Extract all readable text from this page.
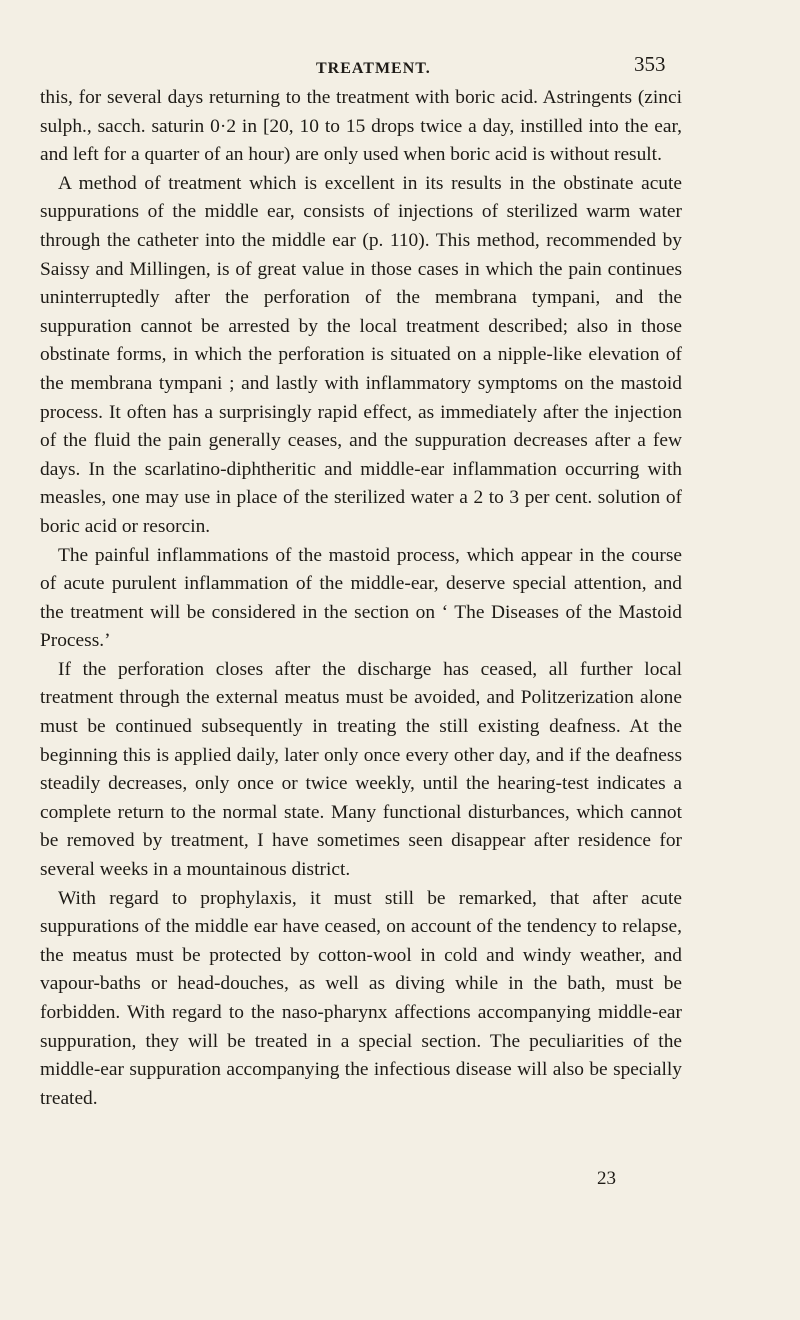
TREATMENT.	353

this, for several days returning to the treatment with boric acid. Astringents (zinci sulph., sacch. saturin 0·2 in [20, 10 to 15 drops twice a day, instilled into the ear, and left for a quarter of an hour) are only used when boric acid is without result.

A method of treatment which is excellent in its results in the obstinate acute suppurations of the middle ear, consists of injections of sterilized warm water through the catheter into the middle ear (p. 110). This method, recommended by Saissy and Millingen, is of great value in those cases in which the pain continues uninterruptedly after the perforation of the membrana tympani, and the suppuration cannot be arrested by the local treatment described; also in those obstinate forms, in which the perforation is situated on a nipple-like elevation of the membrana tympani ; and lastly with inflammatory symptoms on the mastoid process. It often has a surprisingly rapid effect, as immediately after the injection of the fluid the pain generally ceases, and the suppuration decreases after a few days. In the scarlatino-diphtheritic and middle-ear inflammation occurring with measles, one may use in place of the sterilized water a 2 to 3 per cent. solution of boric acid or resorcin.

The painful inflammations of the mastoid process, which appear in the course of acute purulent inflammation of the middle-ear, deserve special attention, and the treatment will be considered in the section on ‘ The Diseases of the Mastoid Process.’

If the perforation closes after the discharge has ceased, all further local treatment through the external meatus must be avoided, and Politzerization alone must be continued subsequently in treating the still existing deafness. At the beginning this is applied daily, later only once every other day, and if the deafness steadily decreases, only once or twice weekly, until the hearing-test indicates a complete return to the normal state. Many functional disturbances, which cannot be removed by treatment, I have sometimes seen disappear after residence for several weeks in a mountainous district.

With regard to prophylaxis, it must still be remarked, that after acute suppurations of the middle ear have ceased, on account of the tendency to relapse, the meatus must be protected by cotton-wool in cold and windy weather, and vapour-baths or head-douches, as well as diving while in the bath, must be forbidden. With regard to the naso-pharynx affections accompanying middle-ear suppuration, they will be treated in a special section. The peculiarities of the middle-ear suppuration accompanying the infectious disease will also be specially treated.

23
